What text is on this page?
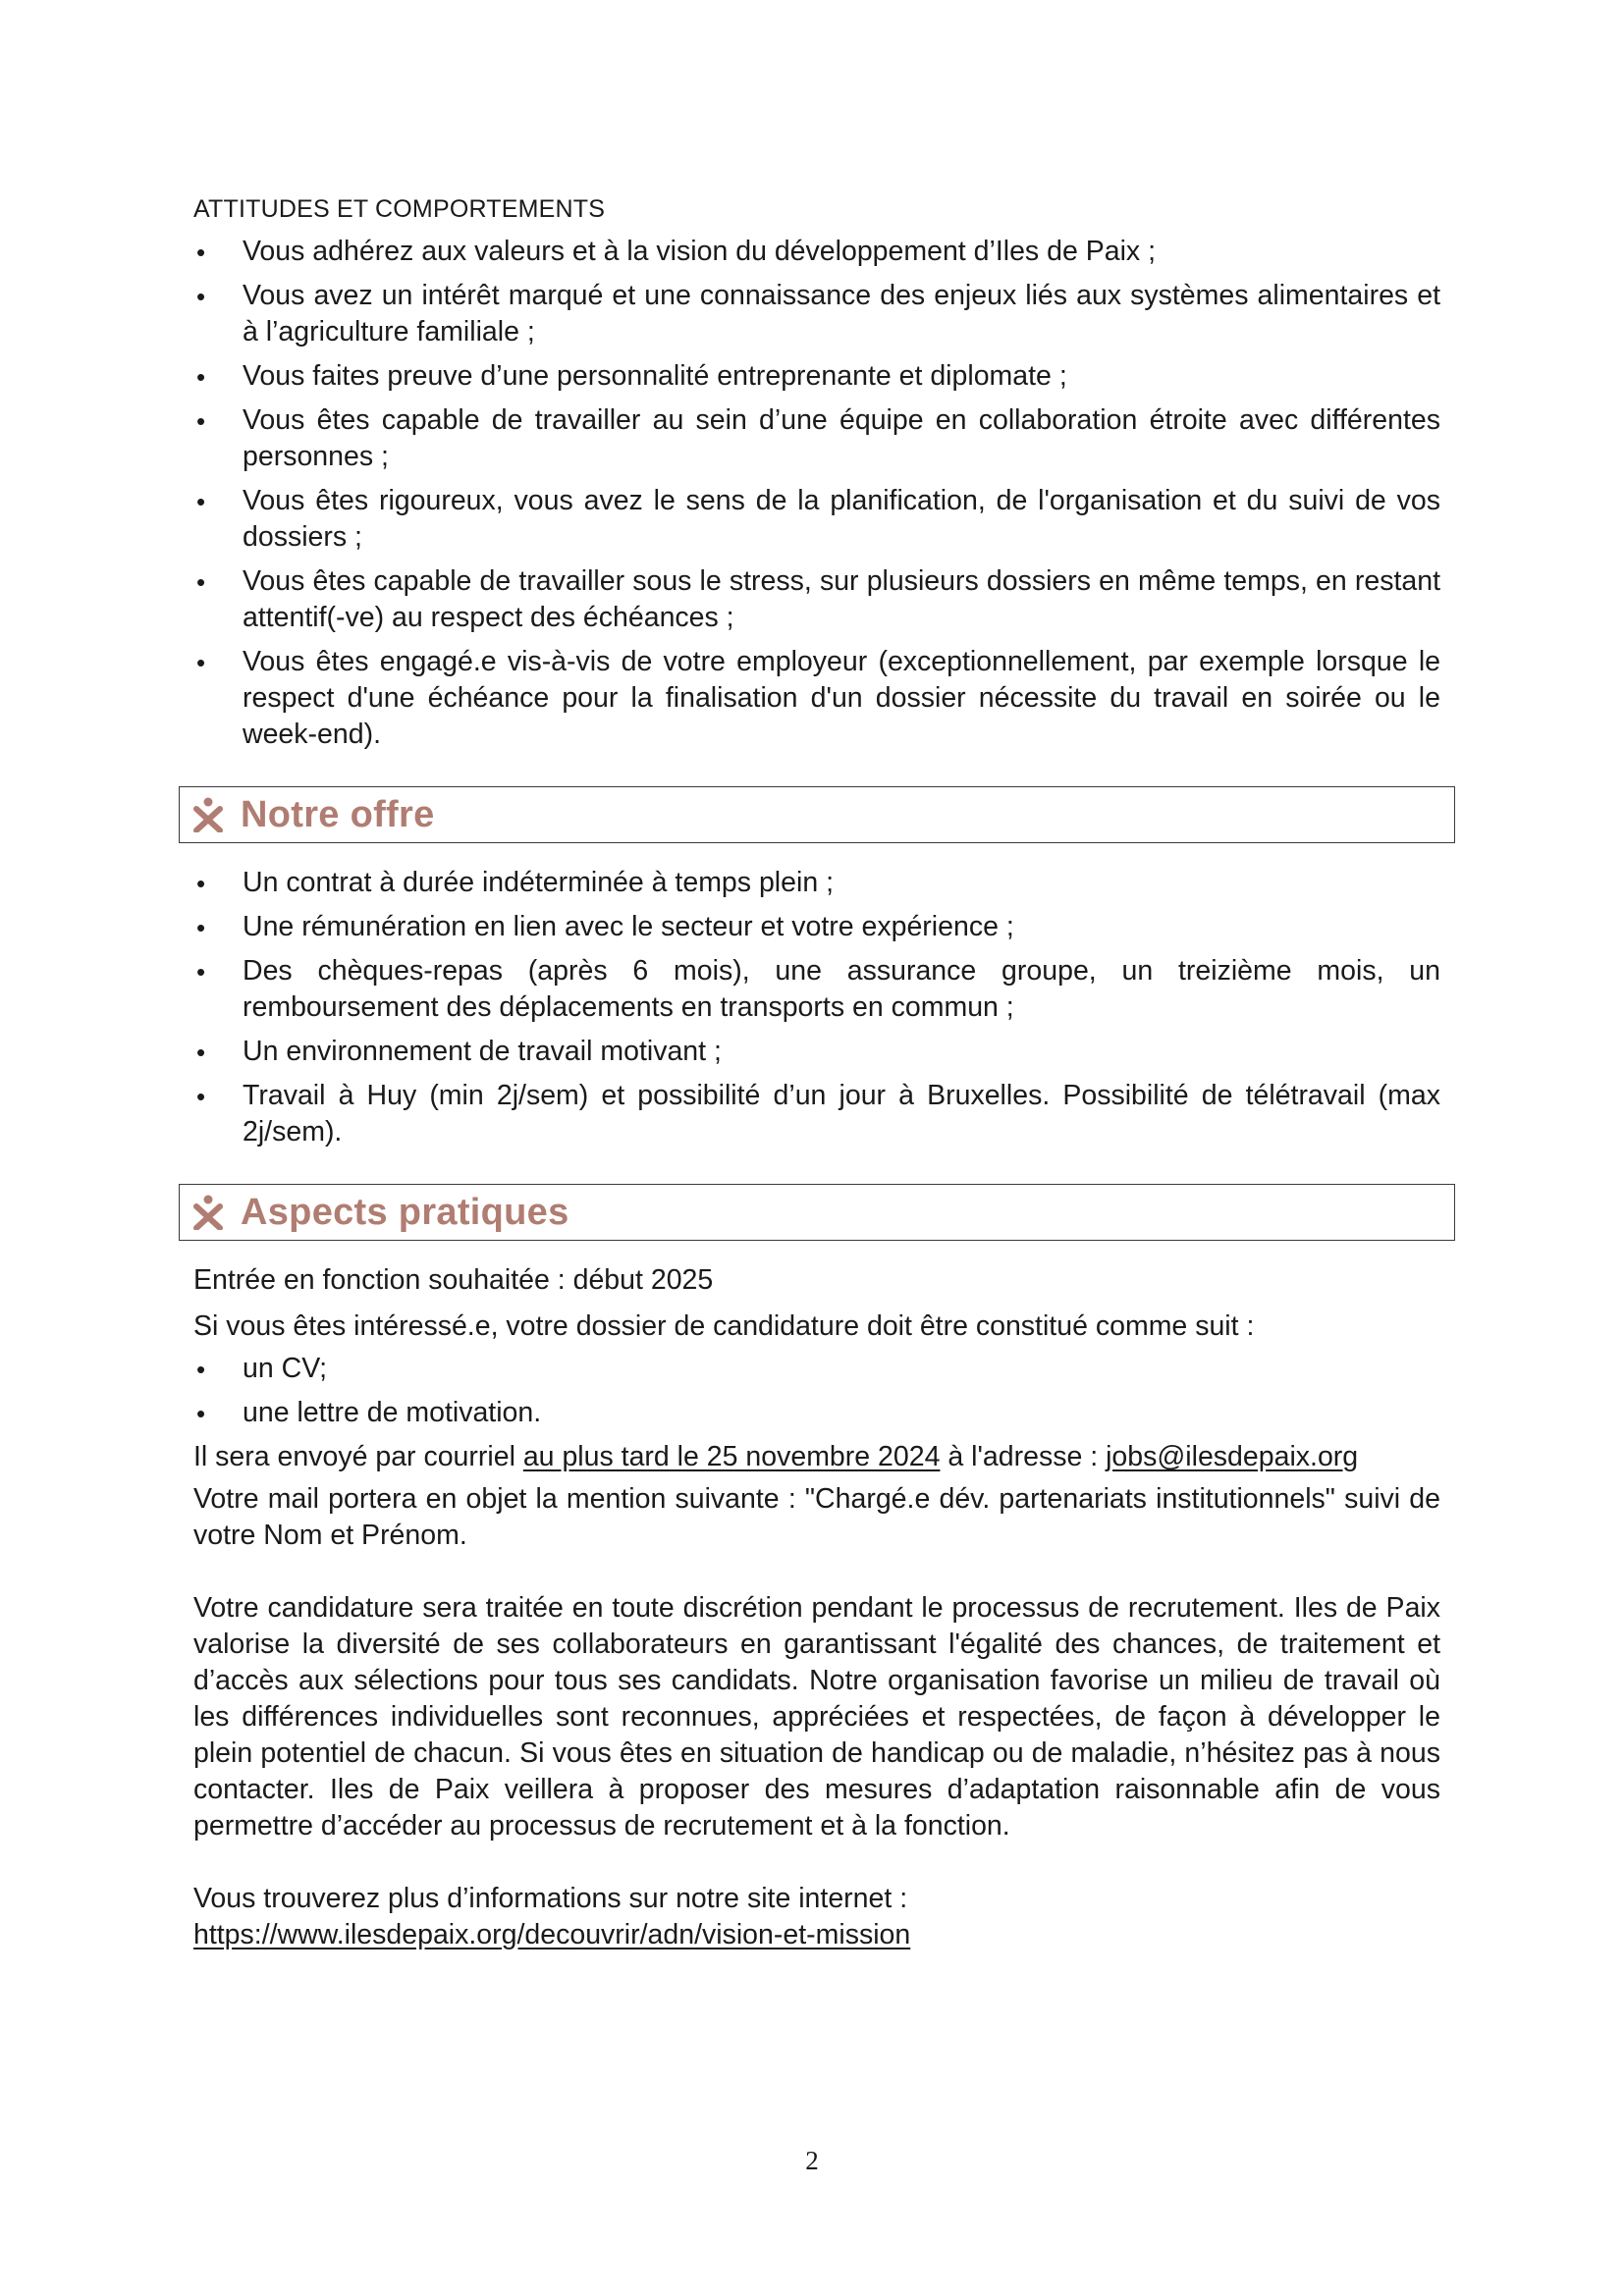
ATTITUDES ET COMPORTEMENTS
• Vous adhérez aux valeurs et à la vision du développement d’Iles de Paix ;
• Vous avez un intérêt marqué et une connaissance des enjeux liés aux systèmes alimentaires et à l’agriculture familiale ;
• Vous faites preuve d’une personnalité entreprenante et diplomate ;
• Vous êtes capable de travailler au sein d’une équipe en collaboration étroite avec différentes personnes ;
• Vous êtes rigoureux, vous avez le sens de la planification, de l'organisation et du suivi de vos dossiers ;
• Vous êtes capable de travailler sous le stress, sur plusieurs dossiers en même temps, en restant attentif(-ve) au respect des échéances ;
• Vous êtes engagé.e vis-à-vis de votre employeur (exceptionnellement, par exemple lorsque le respect d'une échéance pour la finalisation d'un dossier nécessite du travail en soirée ou le week-end).
Notre offre
• Un contrat à durée indéterminée à temps plein ;
• Une rémunération en lien avec le secteur et votre expérience ;
• Des chèques-repas (après 6 mois), une assurance groupe, un treizième mois, un remboursement des déplacements en transports en commun ;
• Un environnement de travail motivant ;
• Travail à Huy (min 2j/sem) et possibilité d’un jour à Bruxelles. Possibilité de télétravail (max 2j/sem).
Aspects pratiques

Entrée en fonction souhaitée : début 2025

Si vous êtes intéressé.e, votre dossier de candidature doit être constitué comme suit :

• un CV;
• une lettre de motivation.

Il sera envoyé par courriel au plus tard le 25 novembre 2024 à l'adresse : jobs@ilesdepaix.org

Votre mail portera en objet la mention suivante : "Chargé.e dév. partenariats institutionnels" suivi de votre Nom et Prénom.

Votre candidature sera traitée en toute discrétion pendant le processus de recrutement. Iles de Paix valorise la diversité de ses collaborateurs en garantissant l'égalité des chances, de traitement et d’accès aux sélections pour tous ses candidats. Notre organisation favorise un milieu de travail où les différences individuelles sont reconnues, appréciées et respectées, de façon à développer le plein potentiel de chacun. Si vous êtes en situation de handicap ou de maladie, n’hésitez pas à nous contacter. Iles de Paix veillera à proposer des mesures d’adaptation raisonnable afin de vous permettre d’accéder au processus de recrutement et à la fonction.

Vous trouverez plus d’informations sur notre site internet :

https://www.ilesdepaix.org/decouvrir/adn/vision-et-mission

2
